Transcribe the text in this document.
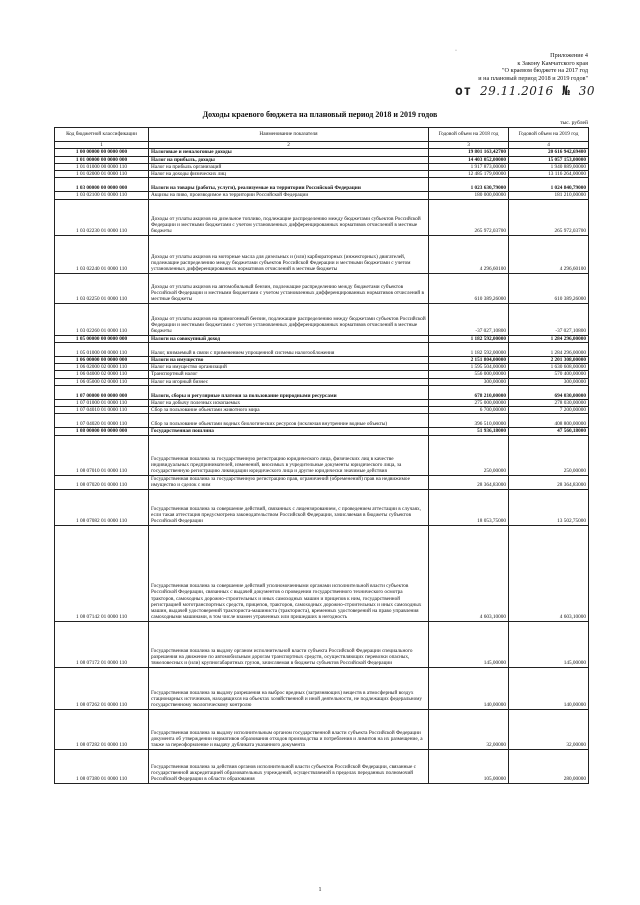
·
Приложение 4
к Закону Камчатского края
"О краевом бюджете на 2017 год
и на плановый период 2018 и 2019 годов"
от 29.11.2016 № 30
Доходы краевого бюджета на плановый период 2018 и 2019 годов
тыс. рублей
Код бюджетной классификации	Наименование показателя	Годовой объем на 2018 год	Годовой объем на 2019 год
1	2	3	4
1 00 00000 00 0000 000	Налоговые и неналоговые доходы	19 801 163,42700	20 616 942,69400
1 01 00000 00 0000 000	Налог на прибыль, доходы	14 403 052,00000	15 057 153,00000
1 01 01000 00 0000 110	Налог на прибыль организаций	1 917 873,00000	1 940 889,00000
1 01 02000 01 0000 110	Налог на доходы физических лиц	12 485 179,00000	13 116 264,00000
1 03 00000 00 0000 000	Налоги на товары (работы, услуги), реализуемые на территории Российской Федерации	1 023 630,79000	1 024 840,79000
1 03 02100 01 0000 110	Акцизы на пиво, производимое на территории Российской Федерации	180 000,00000	181 210,00000
1 03 02230 01 0000 110	Доходы от уплаты акцизов на дизельное топливо, подлежащие распределению между бюджетами субъектов Российской Федерации и местными бюджетами с учетом установленных дифференцированных нормативов отчислений в местные бюджеты	265 972,03700	265 972,03700
1 03 02240 01 0000 110	Доходы от уплаты акцизов на моторные масла для дизельных и (или) карбюраторных (инжекторных) двигателей, подлежащие распределению между бюджетами субъектов Российской Федерации и местными бюджетами с учетом установленных дифференцированных нормативов отчислений в местные бюджеты	4 296,60100	4 296,60100
1 03 02250 01 0000 110	Доходы от уплаты акцизов на автомобильный бензин, подлежащие распределению между бюджетами субъектов Российской Федерации и местными бюджетами с учетом установленных дифференцированных нормативов отчислений в местные бюджеты	610 389,26000	610 389,26000
1 03 02260 01 0000 110	Доходы от уплаты акцизов на прямогонный бензин, подлежащие распределению между бюджетами субъектов Российской Федерации и местными бюджетами с учетом установленных дифференцированных нормативов отчислений в местные бюджеты	-37 027,10800	-37 027,10800
1 05 00000 00 0000 000	Налоги на совокупный доход	1 182 592,00000	1 284 296,00000
1 05 01000 00 0000 110	Налог, взимаемый в связи с применением упрощенной системы налогообложения	1 182 592,00000	1 284 296,00000
1 06 00000 00 0000 000	Налоги на имущество	2 151 804,00000	2 201 308,00000
1 06 02000 02 0000 110	Налог на имущество организаций	1 595 504,00000	1 630 608,00000
1 06 04000 02 0000 110	Транспортный налог	556 000,00000	570 400,00000
1 06 05000 02 0000 110	Налог на игорный бизнес	300,00000	300,00000
1 07 00000 00 0000 000	Налоги, сборы и регулярные платежи за пользование природными ресурсами	678 210,00000	694 030,00000
1 07 01000 01 0000 110	Налог на добычу полезных ископаемых	275 000,00000	278 030,00000
1 07 04010 01 0000 110	Сбор за пользование объектами животного мира	6 700,00000	7 200,00000
1 07 04020 01 0000 110	Сбор за пользование объектами водных биологических ресурсов (исключая внутренние водные объекты)	396 510,00000	408 800,00000
1 08 00000 00 0000 000	Государственная пошлина	51 936,18000	47 560,18000
1 08 07010 01 0000 110	Государственная пошлина за государственную регистрацию юридического лица, физических лиц в качестве индивидуальных предпринимателей, изменений, вносимых в учредительные документы юридического лица, за государственную регистрацию ликвидации юридического лица и другие юридически значимые действия	250,00000	250,00000
1 08 07020 01 0000 110	Государственная пошлина за государственную регистрацию прав, ограничений (обременений) прав на недвижимое имущество и сделок с ним	28 364,83000	28 364,83000
1 08 07082 01 0000 110	Государственная пошлина за совершение действий, связанных с лицензированием, с проведением аттестации в случаях, если такая аттестация предусмотрена законодательством Российской Федерации, зачисляемая в бюджеты субъектов Российской Федерации	18 053,75000	13 502,75000
1 08 07142 01 0000 110	Государственная пошлина за совершение действий уполномоченными органами исполнительной власти субъектов Российской Федерации, связанных с выдачей документов о проведении государственного технического осмотра тракторов, самоходных дорожно-строительных и иных самоходных машин и прицепов к ним, государственной регистрацией мототранспортных средств, прицепов, тракторов, самоходных дорожно-строительных и иных самоходных машин, выдачей удостоверений тракториста-машиниста (тракториста), временных удостоверений на право управления самоходными машинами, в том числе взамен утраченных или пришедших в негодность	4 603,10000	4 603,10000
1 08 07172 01 0000 110	Государственная пошлина за выдачу органом исполнительной власти субъекта Российской Федерации специального разрешения на движение по автомобильным дорогам транспортных средств, осуществляющих перевозки опасных, тяжеловесных и (или) крупногабаритных грузов, зачисляемая в бюджеты субъектов Российской Федерации	145,00000	145,00000
1 08 07262 01 0000 110	Государственная пошлина за выдачу разрешения на выброс вредных (загрязняющих) веществ в атмосферный воздух стационарных источников, находящихся на объектах хозяйственной и иной деятельности, не подлежащих федеральному государственному экологическому контролю	140,00000	140,00000
1 08 07282 01 0000 110	Государственная пошлина за выдачу исполнительным органом государственной власти субъекта Российской Федерации документа об утверждении нормативов образования отходов производства и потребления и лимитов на их размещение, а также за переоформление и выдачу дубликата указанного документа	32,00000	32,00000
1 08 07380 01 0000 110	Государственная пошлина за действия органов исполнительной власти субъектов Российской Федерации, связанные с государственной аккредитацией образовательных учреждений, осуществляемой в пределах переданных полномочий Российской Федерации в области образования	105,00000	280,00000
1
